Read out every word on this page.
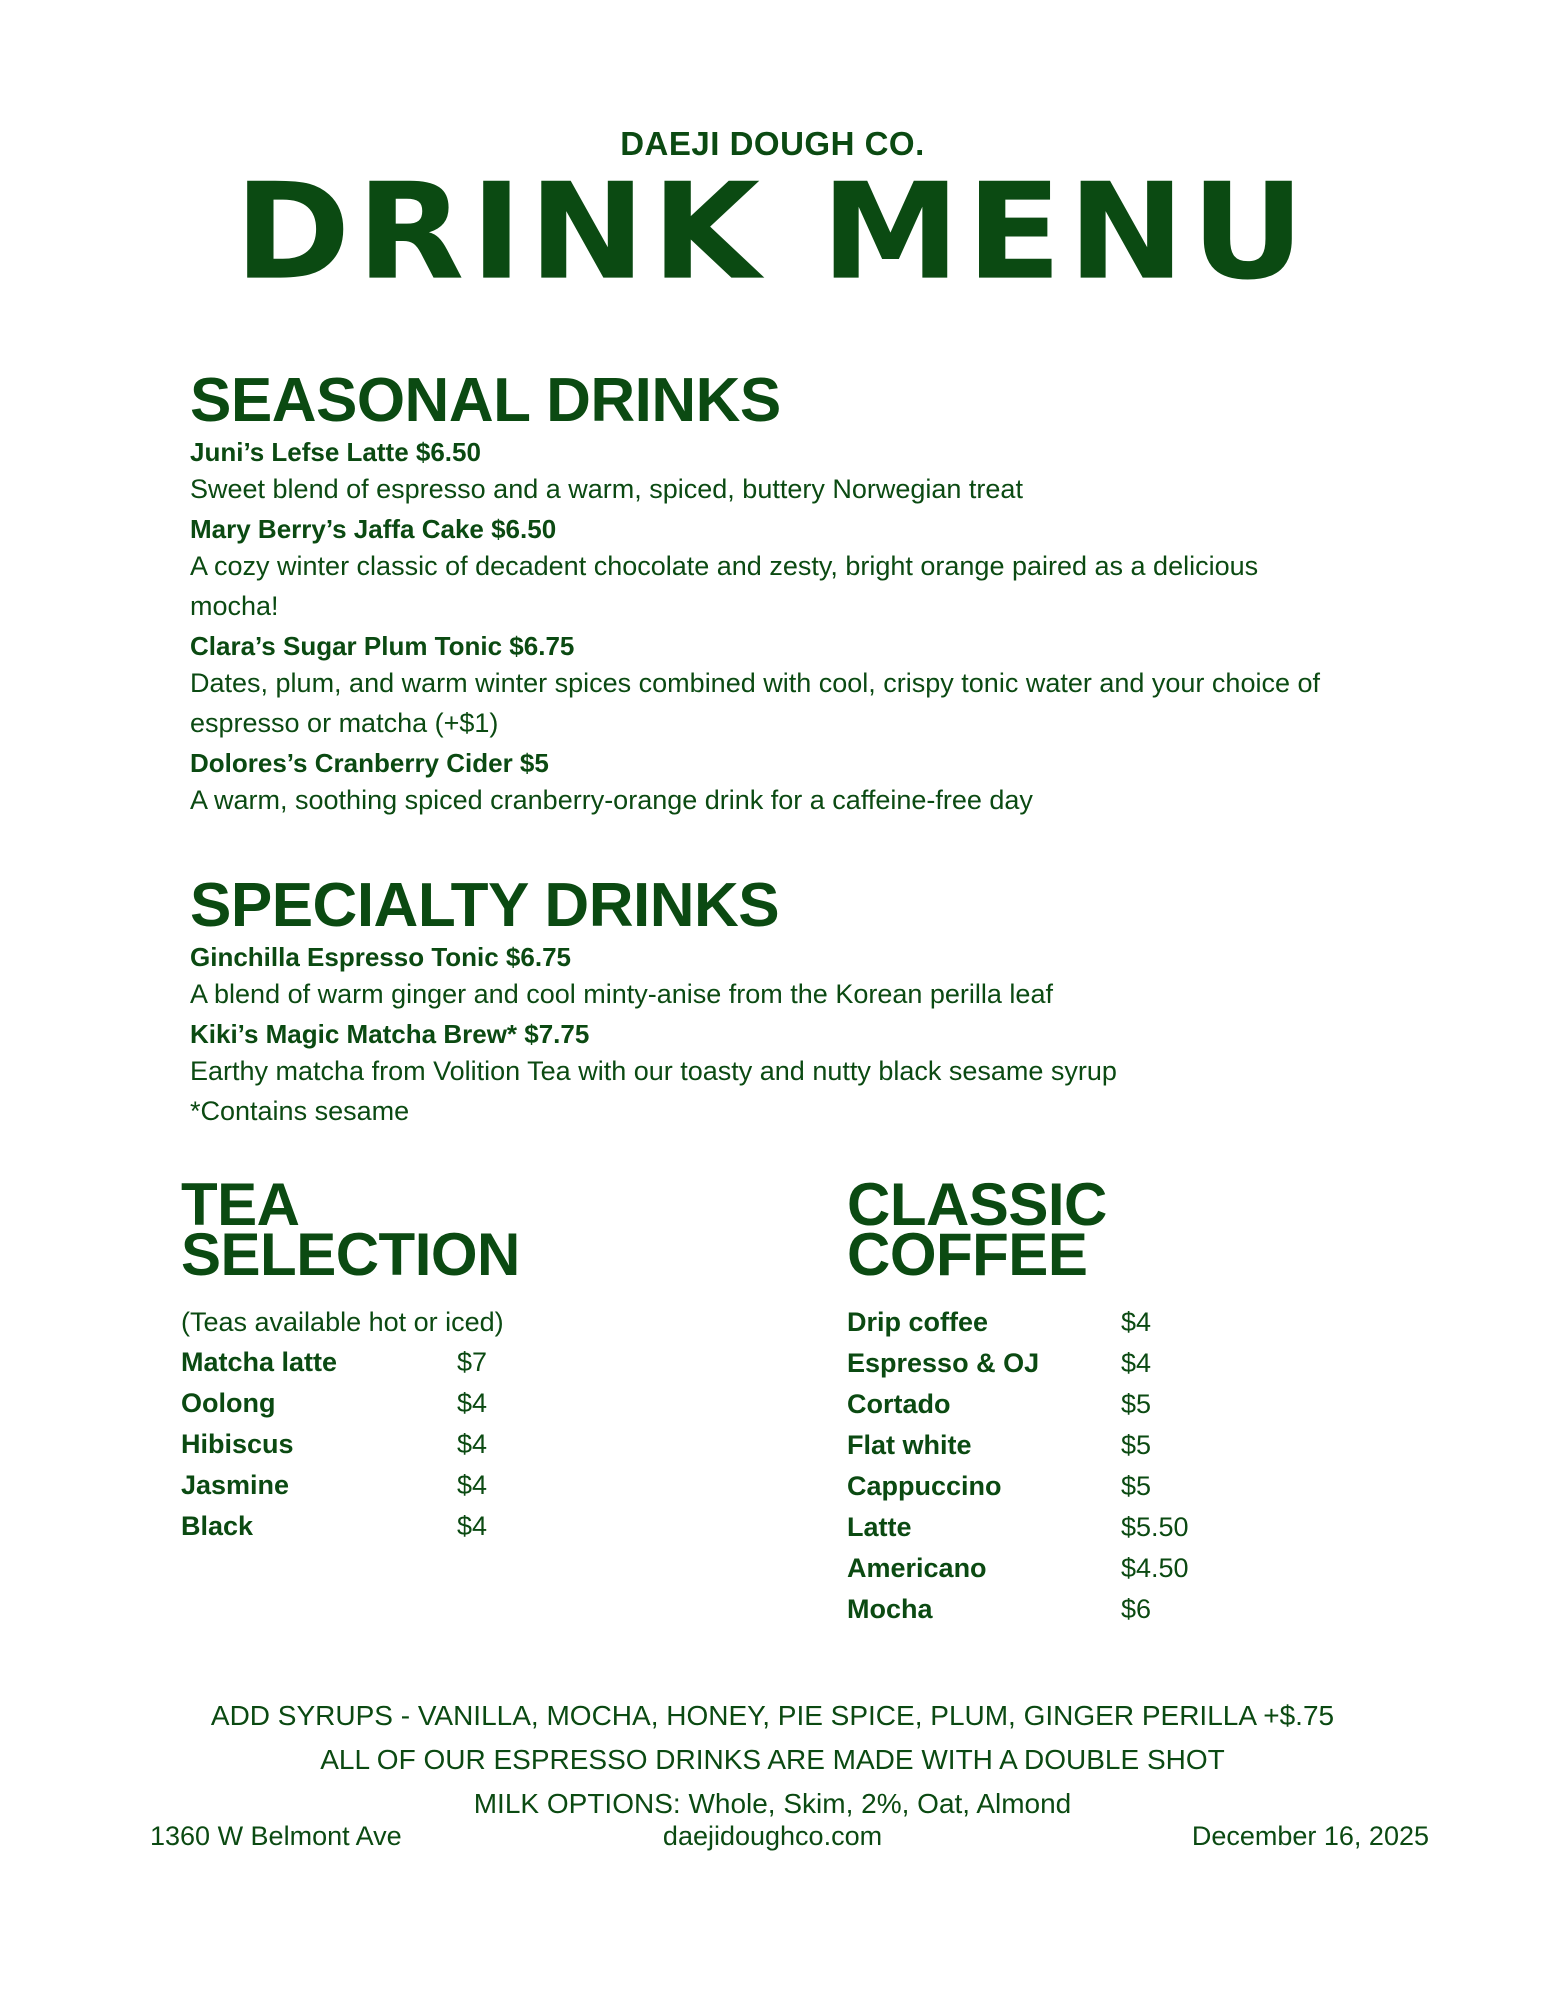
DAEJI DOUGH CO.
DRINK MENU
SEASONAL DRINKS
Juni’s Lefse Latte $6.50
Sweet blend of espresso and a warm, spiced, buttery Norwegian treat
Mary Berry’s Jaffa Cake $6.50
A cozy winter classic of decadent chocolate and zesty, bright orange paired as a delicious mocha!
Clara’s Sugar Plum Tonic $6.75
Dates, plum, and warm winter spices combined with cool, crispy tonic water and your choice of espresso or matcha (+$1)
Dolores’s Cranberry Cider $5
A warm, soothing spiced cranberry-orange drink for a caffeine-free day
SPECIALTY DRINKS
Ginchilla Espresso Tonic $6.75
A blend of warm ginger and cool minty-anise from the Korean perilla leaf
Kiki’s Magic Matcha Brew* $7.75
Earthy matcha from Volition Tea with our toasty and nutty black sesame syrup
*Contains sesame
TEA
SELECTION
(Teas available hot or iced)
Matcha latte	$7
Oolong	$4
Hibiscus	$4
Jasmine	$4
Black	$4
CLASSIC
COFFEE
Drip coffee	$4
Espresso & OJ	$4
Cortado	$5
Flat white	$5
Cappuccino	$5
Latte	$5.50
Americano	$4.50
Mocha	$6
ADD SYRUPS - VANILLA, MOCHA, HONEY, PIE SPICE, PLUM, GINGER PERILLA +$.75
ALL OF OUR ESPRESSO DRINKS ARE MADE WITH A DOUBLE SHOT
MILK OPTIONS: Whole, Skim, 2%, Oat, Almond
1360 W Belmont Ave	daejidoughco.com	December 16, 2025
